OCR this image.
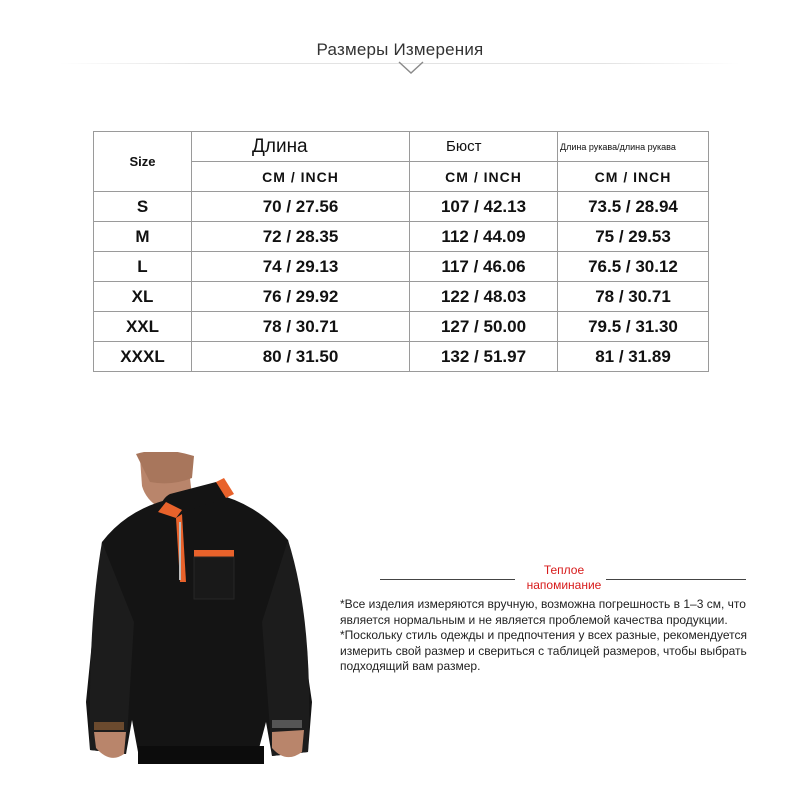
Размеры Измерения
Size	Длина	Бюст	Длина рукава/длина рукава
	CM / INCH	CM / INCH	CM / INCH
S	70 / 27.56	107 / 42.13	73.5 / 28.94
M	72 / 28.35	112 / 44.09	75 / 29.53
L	74 / 29.13	117 / 46.06	76.5 / 30.12
XL	76 / 29.92	122 / 48.03	78 / 30.71
XXL	78 / 30.71	127 / 50.00	79.5 / 31.30
XXXL	80 / 31.50	132 / 51.97	81 / 31.89
Теплое
напоминание
*Все изделия измеряются вручную, возможна погрешность в 1–3 см, что является нормальным и не является проблемой качества продукции. *Поскольку стиль одежды и предпочтения у всех разные, рекомендуется измерить свой размер и свериться с таблицей размеров, чтобы выбрать подходящий вам размер.
